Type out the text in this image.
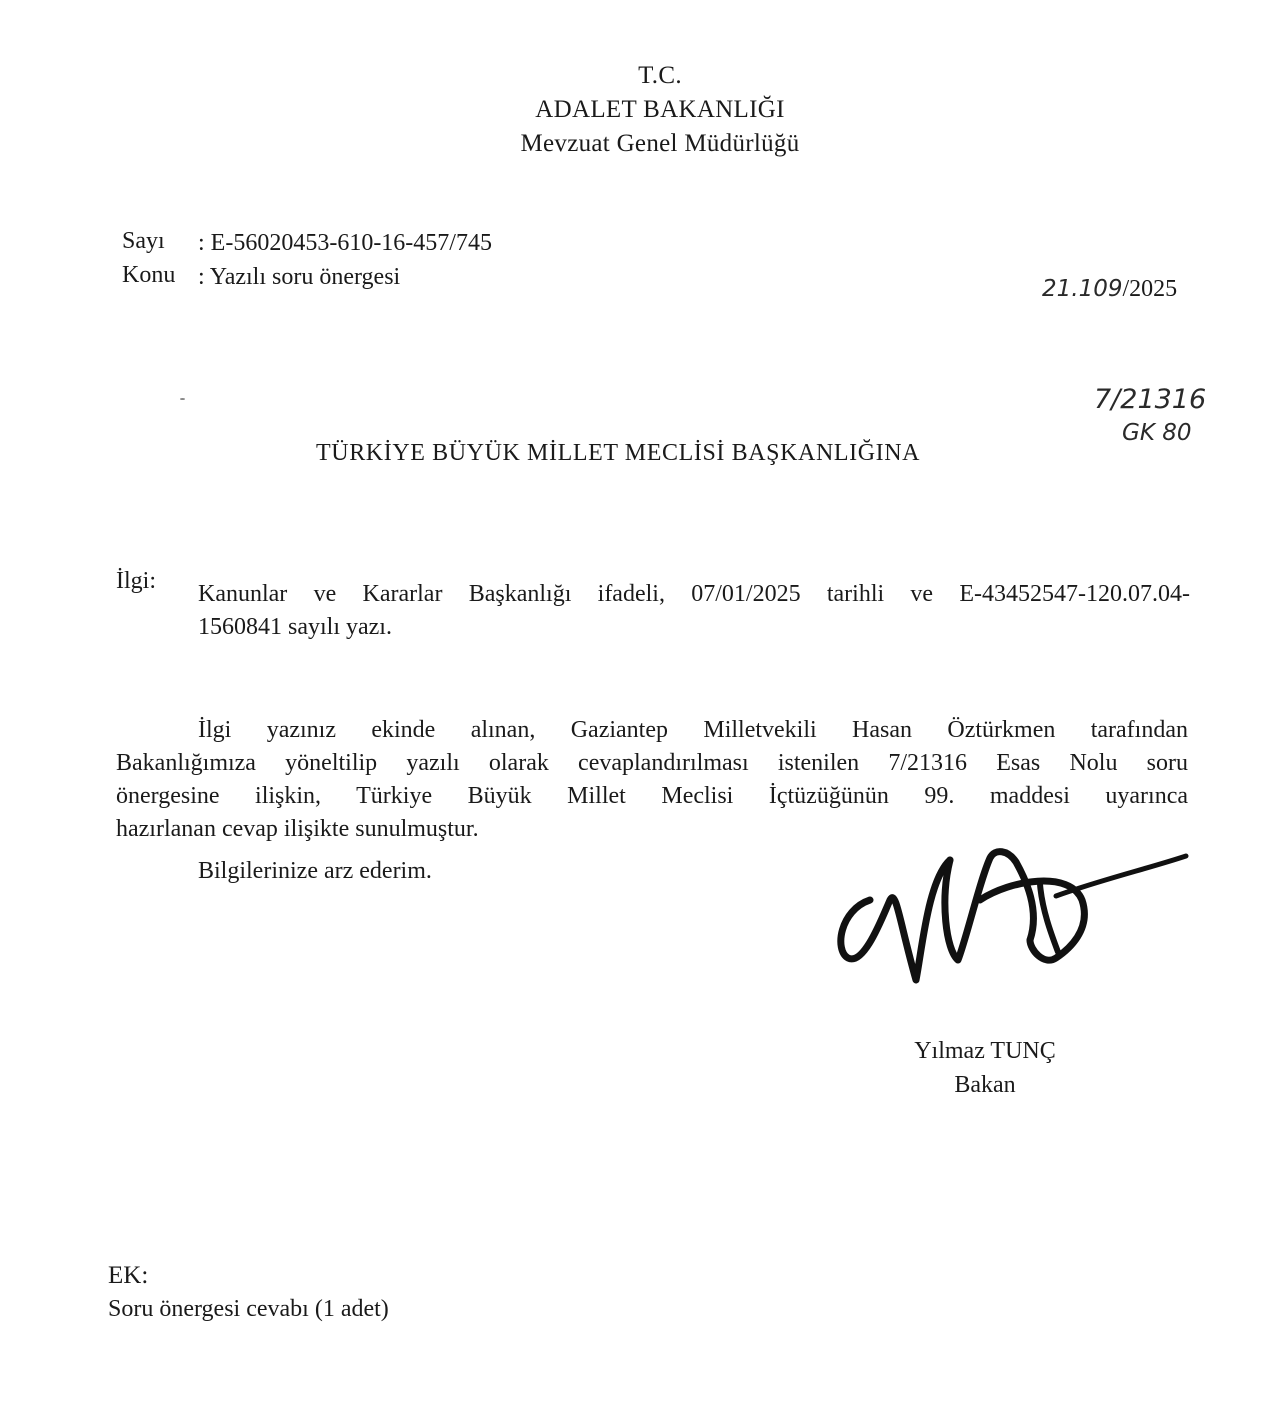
T.C.
ADALET BAKANLIĞI
Mevzuat Genel Müdürlüğü
Sayı : E-56020453-610-16-457/745
Konu : Yazılı soru önergesi	21.109/2025
7/21316
GK 80
TÜRKİYE BÜYÜK MİLLET MECLİSİ BAŞKANLIĞINA
İlgi: Kanunlar ve Kararlar Başkanlığı ifadeli, 07/01/2025 tarihli ve E-43452547-120.07.04-
1560841 sayılı yazı.
İlgi yazınız ekinde alınan, Gaziantep Milletvekili Hasan Öztürkmen tarafından
Bakanlığımıza yöneltilip yazılı olarak cevaplandırılması istenilen 7/21316 Esas Nolu soru
önergesine ilişkin, Türkiye Büyük Millet Meclisi İçtüzüğünün 99. maddesi uyarınca
hazırlanan cevap ilişikte sunulmuştur.
Bilgilerinize arz ederim.
Yılmaz TUNÇ
Bakan
EK:
Soru önergesi cevabı (1 adet)
